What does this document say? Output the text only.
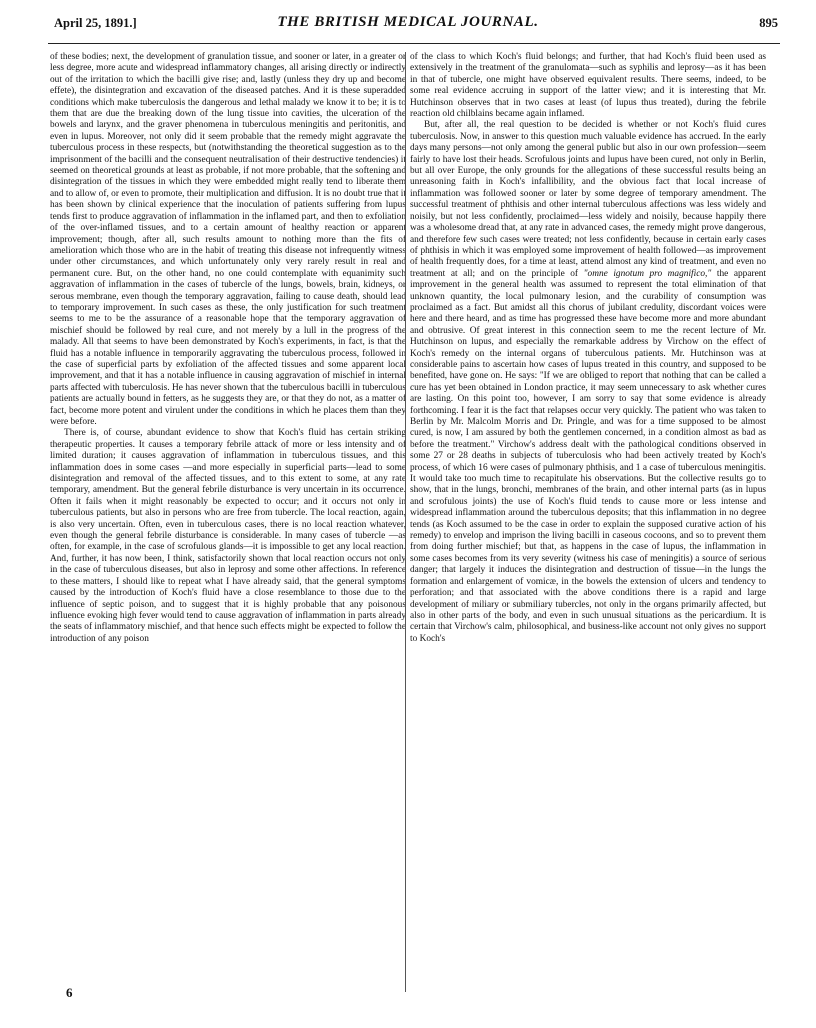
April 25, 1891.]	THE BRITISH MEDICAL JOURNAL.	895

of these bodies; next, the development of granulation tissue, and sooner or later, in a greater or less degree, more acute and widespread inflammatory changes, all arising directly or indirectly out of the irritation to which the bacilli give rise; and, lastly (unless they dry up and become effete), the disintegration and excavation of the diseased patches. And it is these superadded conditions which make tuberculosis the dangerous and lethal malady we know it to be; it is to them that are due the breaking down of the lung tissue into cavities, the ulceration of the bowels and larynx, and the graver phenomena in tuberculous meningitis and peritonitis, and even in lupus. Moreover, not only did it seem probable that the remedy might aggravate the tuberculous process in these respects, but (notwithstanding the theoretical suggestion as to the imprisonment of the bacilli and the consequent neutralisation of their destructive tendencies) it seemed on theoretical grounds at least as probable, if not more probable, that the softening and disintegration of the tissues in which they were embedded might really tend to liberate them and to allow of, or even to promote, their multiplication and diffusion. It is no doubt true that it has been shown by clinical experience that the inoculation of patients suffering from lupus tends first to produce aggravation of inflammation in the inflamed part, and then to exfoliation of the over-inflamed tissues, and to a certain amount of healthy reaction or apparent improvement; though, after all, such results amount to nothing more than the fits of amelioration which those who are in the habit of treating this disease not infrequently witness under other circumstances, and which unfortunately only very rarely result in real and permanent cure. But, on the other hand, no one could contemplate with equanimity such aggravation of inflammation in the cases of tubercle of the lungs, bowels, brain, kidneys, or serous membrane, even though the temporary aggravation, failing to cause death, should lead to temporary improvement. In such cases as these, the only justification for such treatment seems to me to be the assurance of a reasonable hope that the temporary aggravation of mischief should be followed by real cure, and not merely by a lull in the progress of the malady. All that seems to have been demonstrated by Koch's experiments, in fact, is that the fluid has a notable influence in temporarily aggravating the tuberculous process, followed in the case of superficial parts by exfoliation of the affected tissues and some apparent local improvement, and that it has a notable influence in causing aggravation of mischief in internal parts affected with tuberculosis. He has never shown that the tuberculous bacilli in tuberculous patients are actually bound in fetters, as he suggests they are, or that they do not, as a matter of fact, become more potent and virulent under the conditions in which he places them than they were before.

There is, of course, abundant evidence to show that Koch's fluid has certain striking therapeutic properties. It causes a temporary febrile attack of more or less intensity and of limited duration; it causes aggravation of inflammation in tuberculous tissues, and this inflammation does in some cases —and more especially in superficial parts—lead to some disintegration and removal of the affected tissues, and to this extent to some, at any rate temporary, amendment. But the general febrile disturbance is very uncertain in its occurrence. Often it fails when it might reasonably be expected to occur; and it occurs not only in tuberculous patients, but also in persons who are free from tubercle. The local reaction, again, is also very uncertain. Often, even in tuberculous cases, there is no local reaction whatever, even though the general febrile disturbance is considerable. In many cases of tubercle —as often, for example, in the case of scrofulous glands—it is impossible to get any local reaction. And, further, it has now been, I think, satisfactorily shown that local reaction occurs not only in the case of tuberculous diseases, but also in leprosy and some other affections. In reference to these matters, I should like to repeat what I have already said, that the general symptoms caused by the introduction of Koch's fluid have a close resemblance to those due to the influence of septic poison, and to suggest that it is highly probable that any poisonous influence evoking high fever would tend to cause aggravation of inflammation in parts already the seats of inflammatory mischief, and that hence such effects might be expected to follow the introduction of any poison

of the class to which Koch's fluid belongs; and further, that had Koch's fluid been used as extensively in the treatment of the granulomata—such as syphilis and leprosy—as it has been in that of tubercle, one might have observed equivalent results. There seems, indeed, to be some real evidence accruing in support of the latter view; and it is interesting that Mr. Hutchinson observes that in two cases at least (of lupus thus treated), during the febrile reaction old chilblains became again inflamed.

But, after all, the real question to be decided is whether or not Koch's fluid cures tuberculosis. Now, in answer to this question much valuable evidence has accrued. In the early days many persons—not only among the general public but also in our own profession—seem fairly to have lost their heads. Scrofulous joints and lupus have been cured, not only in Berlin, but all over Europe, the only grounds for the allegations of these successful results being an unreasoning faith in Koch's infallibility, and the obvious fact that local increase of inflammation was followed sooner or later by some degree of temporary amendment. The successful treatment of phthisis and other internal tuberculous affections was less widely and noisily, but not less confidently, proclaimed—less widely and noisily, because happily there was a wholesome dread that, at any rate in advanced cases, the remedy might prove dangerous, and therefore few such cases were treated; not less confidently, because in certain early cases of phthisis in which it was employed some improvement of health followed—as improvement of health frequently does, for a time at least, attend almost any kind of treatment, and even no treatment at all; and on the principle of "omne ignotum pro magnifico," the apparent improvement in the general health was assumed to represent the total elimination of that unknown quantity, the local pulmonary lesion, and the curability of consumption was proclaimed as a fact. But amidst all this chorus of jubilant credulity, discordant voices were here and there heard, and as time has progressed these have become more and more abundant and obtrusive. Of great interest in this connection seem to me the recent lecture of Mr. Hutchinson on lupus, and especially the remarkable address by Virchow on the effect of Koch's remedy on the internal organs of tuberculous patients. Mr. Hutchinson was at considerable pains to ascertain how cases of lupus treated in this country, and supposed to be benefited, have gone on. He says: "If we are obliged to report that nothing that can be called a cure has yet been obtained in London practice, it may seem unnecessary to ask whether cures are lasting. On this point too, however, I am sorry to say that some evidence is already forthcoming. I fear it is the fact that relapses occur very quickly. The patient who was taken to Berlin by Mr. Malcolm Morris and Dr. Pringle, and was for a time supposed to be almost cured, is now, I am assured by both the gentlemen concerned, in a condition almost as bad as before the treatment." Virchow's address dealt with the pathological conditions observed in some 27 or 28 deaths in subjects of tuberculosis who had been actively treated by Koch's process, of which 16 were cases of pulmonary phthisis, and 1 a case of tuberculous meningitis. It would take too much time to recapitulate his observations. But the collective results go to show, that in the lungs, bronchi, membranes of the brain, and other internal parts (as in lupus and scrofulous joints) the use of Koch's fluid tends to cause more or less intense and widespread inflammation around the tuberculous deposits; that this inflammation in no degree tends (as Koch assumed to be the case in order to explain the supposed curative action of his remedy) to envelop and imprison the living bacilli in caseous cocoons, and so to prevent them from doing further mischief; but that, as happens in the case of lupus, the inflammation in some cases becomes from its very severity (witness his case of meningitis) a source of serious danger; that largely it induces the disintegration and destruction of tissue—in the lungs the formation and enlargement of vomicæ, in the bowels the extension of ulcers and tendency to perforation; and that associated with the above conditions there is a rapid and large development of miliary or submiliary tubercles, not only in the organs primarily affected, but also in other parts of the body, and even in such unusual situations as the pericardium. It is certain that Virchow's calm, philosophical, and business-like account not only gives no support to Koch's

6
